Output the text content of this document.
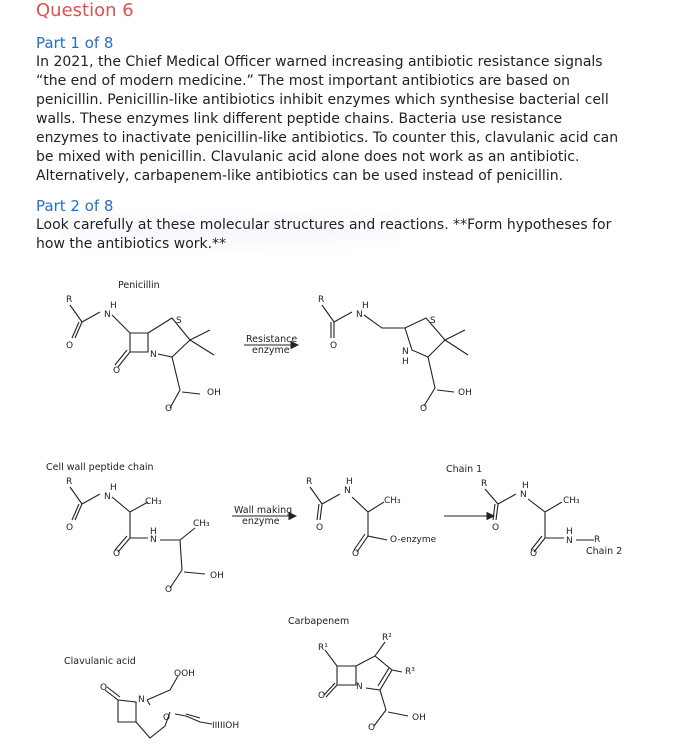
Question 6
Part 1 of 8
In 2021, the Chief Medical Officer warned increasing antibiotic resistance signals
“the end of modern medicine.” The most important antibiotics are based on
penicillin. Penicillin-like antibiotics inhibit enzymes which synthesise bacterial cell
walls. These enzymes link different peptide chains. Bacteria use resistance
enzymes to inactivate penicillin-like antibiotics. To counter this, clavulanic acid can
be mixed with penicillin. Clavulanic acid alone does not work as an antibiotic.
Alternatively, carbapenem-like antibiotics can be used instead of penicillin.
Part 2 of 8
Look carefully at these molecular structures and reactions. **Form hypotheses for
how the antibiotics work.**
Penicillin
R
H
N
S
N
O
O
O
OH
Resistance
enzyme
R
H
N
S
N
H
O
O
OH
Cell wall peptide chain
R
H
N	CH₃
O	H
N
CH₃
O
O
OH
Wall making
enzyme
R	H
N
CH₃
O
O
O-enzyme
Chain 1
R	H
N
CH₃
O
O
H
N R
Chain 2
Carbapenem
R¹
R²
R³
N
O
O
OH
Clavulanic acid
O
N
OOH
O
IIIIIOH
